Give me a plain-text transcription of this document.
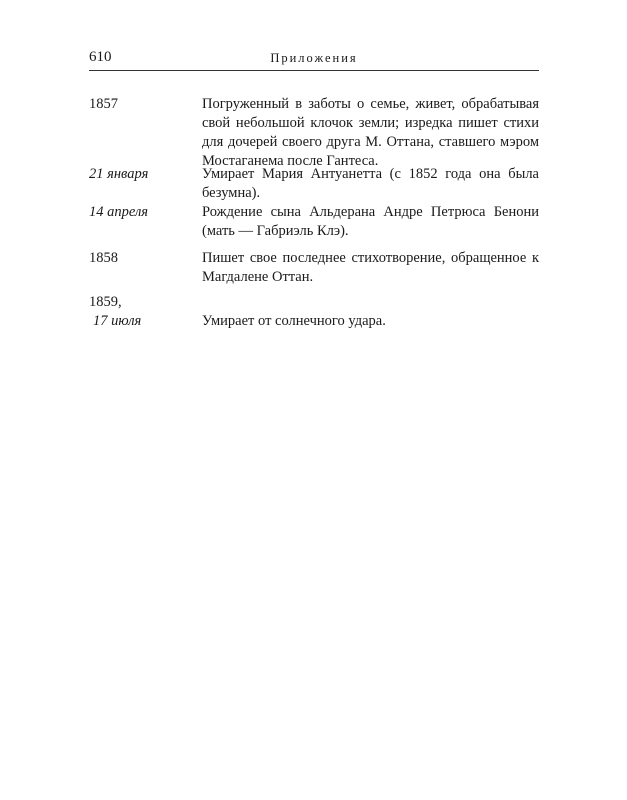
610	Приложения
1857	Погруженный в заботы о семье, живет, обрабатывая свой небольшой клочок земли; изредка пишет стихи для дочерей своего друга М. Оттана, ставшего мэром Мостаганема после Гантеса.
21 января	Умирает Мария Антуанетта (с 1852 года она была безумна).
14 апреля	Рождение сына Альдерана Андре Петрюса Бенони (мать — Габриэль Клэ).
1858	Пишет свое последнее стихотворение, обращенное к Магдалене Оттан.
1859,
17 июля	Умирает от солнечного удара.
